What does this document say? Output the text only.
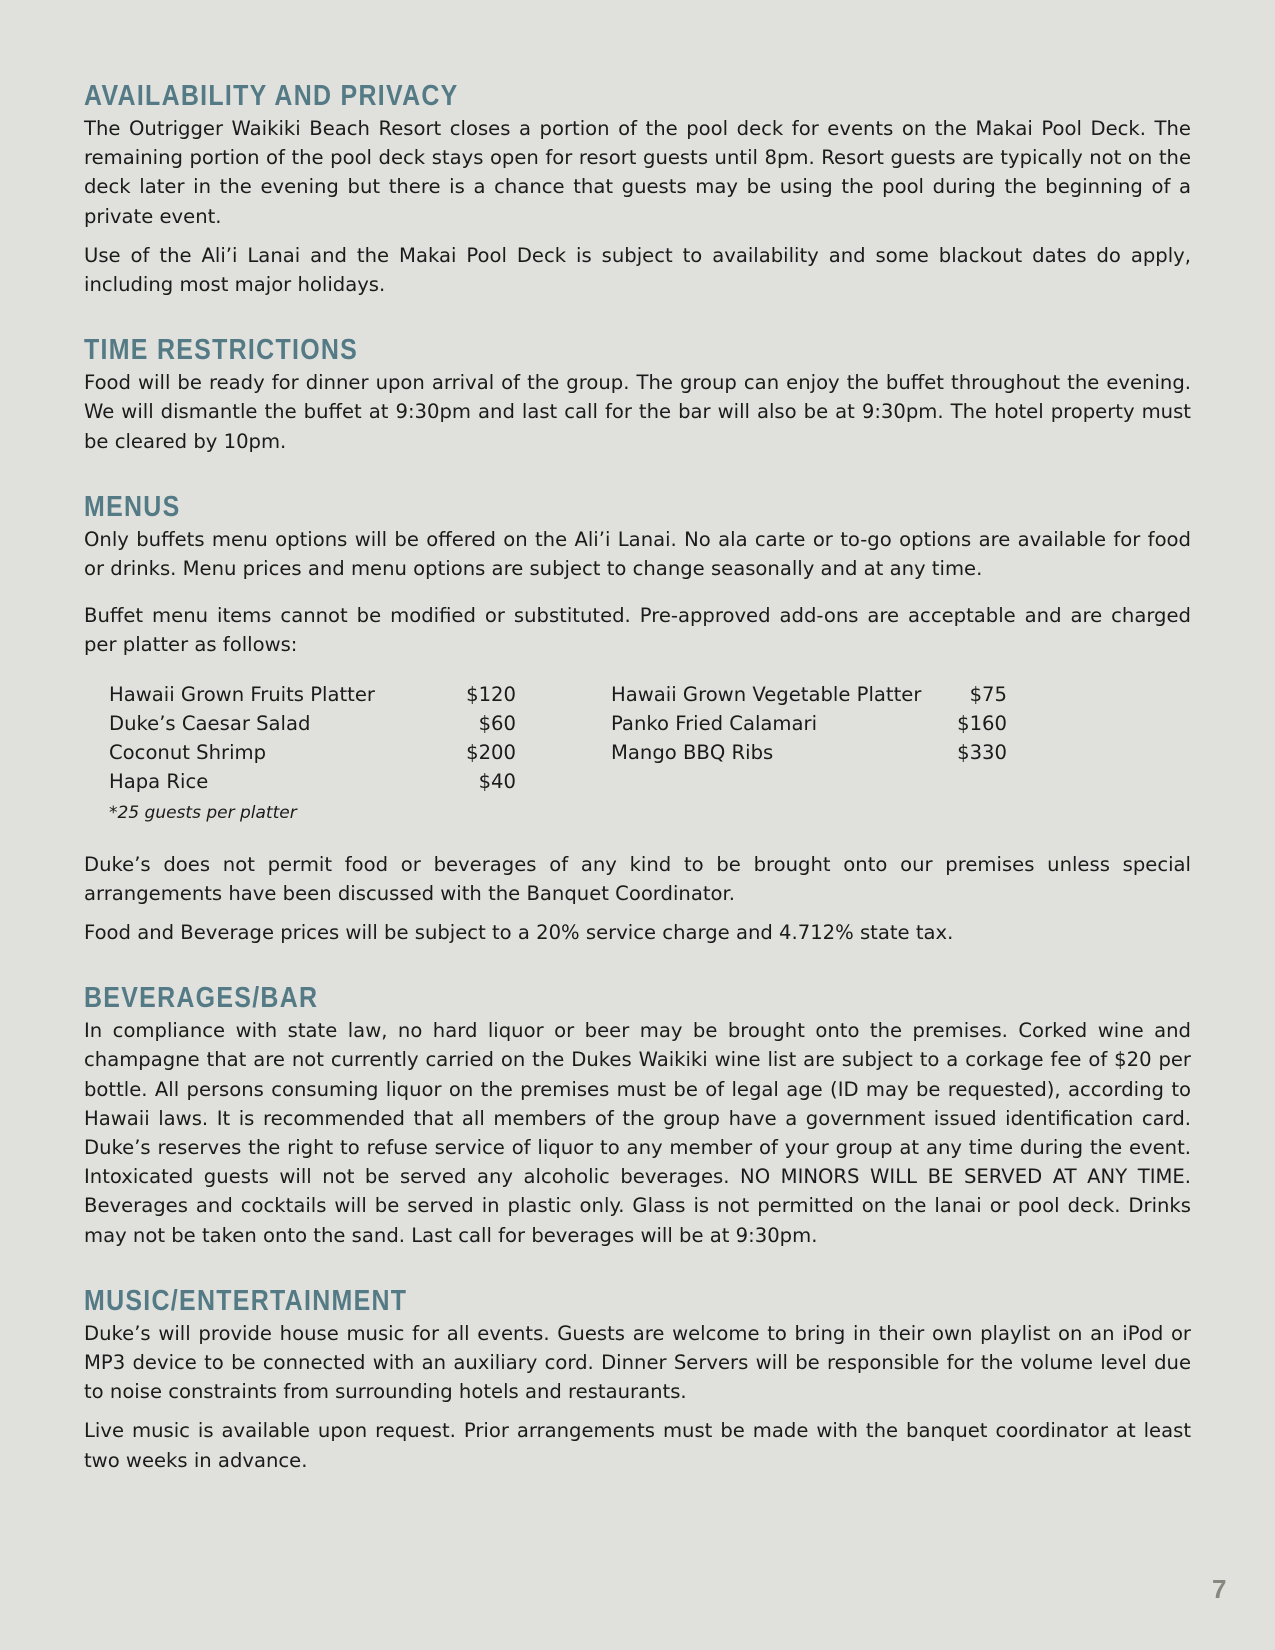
AVAILABILITY AND PRIVACY

The Outrigger Waikiki Beach Resort closes a portion of the pool deck for events on the Makai Pool Deck. The remaining portion of the pool deck stays open for resort guests until 8pm. Resort guests are typically not on the deck later in the evening but there is a chance that guests may be using the pool during the beginning of a private event.

Use of the Ali’i Lanai and the Makai Pool Deck is subject to availability and some blackout dates do apply, including most major holidays.

TIME RESTRICTIONS

Food will be ready for dinner upon arrival of the group. The group can enjoy the buffet throughout the evening. We will dismantle the buffet at 9:30pm and last call for the bar will also be at 9:30pm. The hotel property must be cleared by 10pm.

MENUS

Only buffets menu options will be offered on the Ali’i Lanai. No ala carte or to-go options are available for food or drinks. Menu prices and menu options are subject to change seasonally and at any time.

Buffet menu items cannot be modified or substituted. Pre-approved add-ons are acceptable and are charged per platter as follows:

Hawaii Grown Fruits Platter	$120
Duke’s Caesar Salad	$60
Coconut Shrimp	$200
Hapa Rice	$40
Hawaii Grown Vegetable Platter $75
Panko Fried Calamari	$160
Mango BBQ Ribs	$330
*25 guests per platter

Duke’s does not permit food or beverages of any kind to be brought onto our premises unless special arrangements have been discussed with the Banquet Coordinator.

Food and Beverage prices will be subject to a 20% service charge and 4.712% state tax.

BEVERAGES/BAR

In compliance with state law, no hard liquor or beer may be brought onto the premises. Corked wine and champagne that are not currently carried on the Dukes Waikiki wine list are subject to a corkage fee of $20 per bottle. All persons consuming liquor on the premises must be of legal age (ID may be requested), according to Hawaii laws. It is recommended that all members of the group have a government issued identification card. Duke’s reserves the right to refuse service of liquor to any member of your group at any time during the event. Intoxicated guests will not be served any alcoholic beverages. NO MINORS WILL BE SERVED AT ANY TIME. Beverages and cocktails will be served in plastic only. Glass is not permitted on the lanai or pool deck. Drinks may not be taken onto the sand. Last call for beverages will be at 9:30pm.

MUSIC/ENTERTAINMENT

Duke’s will provide house music for all events. Guests are welcome to bring in their own playlist on an iPod or MP3 device to be connected with an auxiliary cord. Dinner Servers will be responsible for the volume level due to noise constraints from surrounding hotels and restaurants.

Live music is available upon request. Prior arrangements must be made with the banquet coordinator at least two weeks in advance.

7
